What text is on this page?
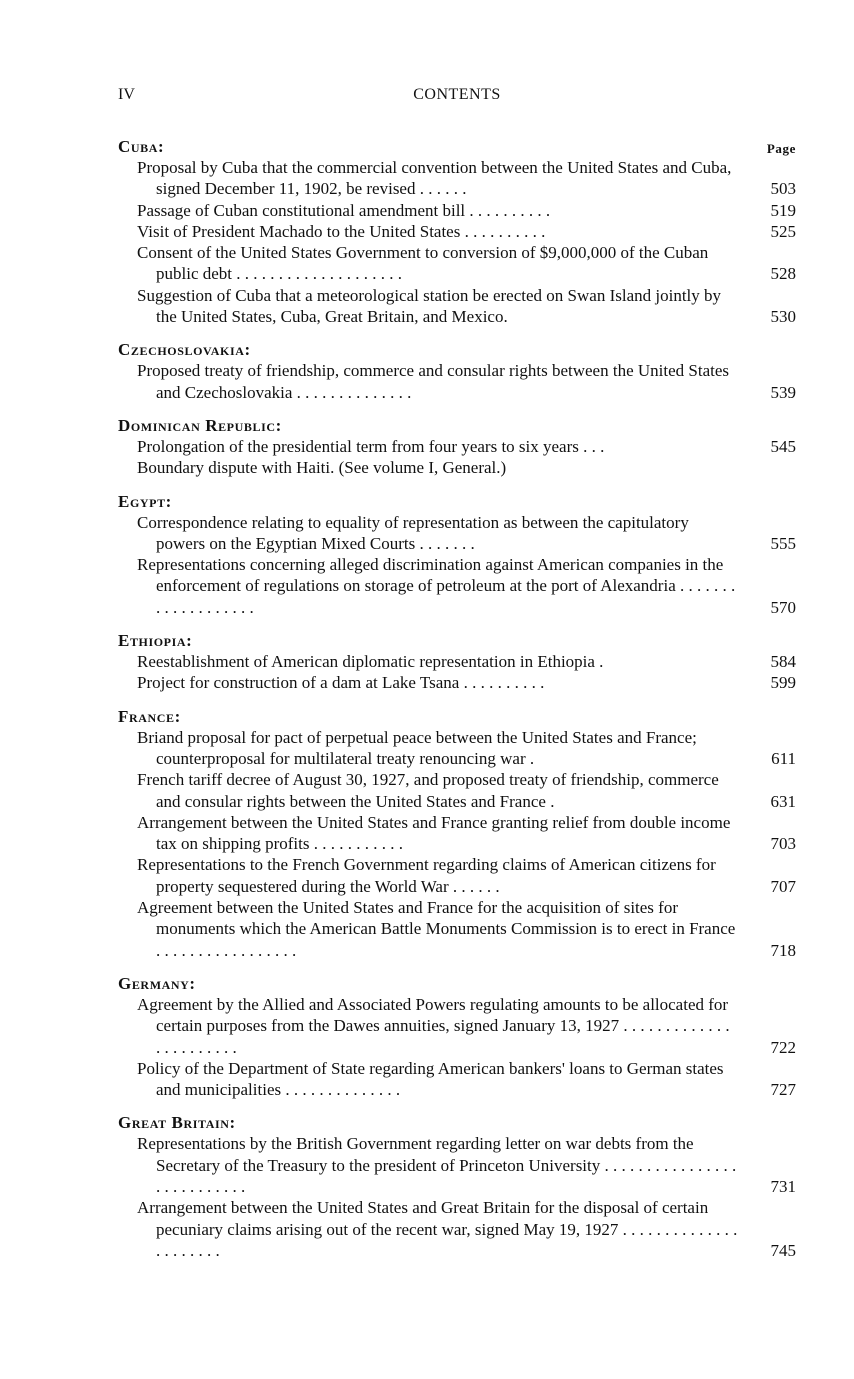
IV	CONTENTS
Cuba:	Page
Proposal by Cuba that the commercial convention between the United States and Cuba, signed December 11, 1902, be revised . . . . . .	503
Passage of Cuban constitutional amendment bill . . . . . . . . . .	519
Visit of President Machado to the United States . . . . . . . . . .	525
Consent of the United States Government to conversion of $9,000,000 of the Cuban public debt . . . . . . . . . . . . . . . . . . . .	528
Suggestion of Cuba that a meteorological station be erected on Swan Island jointly by the United States, Cuba, Great Britain, and Mexico.	530
Czechoslovakia:
Proposed treaty of friendship, commerce and consular rights between the United States and Czechoslovakia . . . . . . . . . . . . . .	539
Dominican Republic:
Prolongation of the presidential term from four years to six years . . .	545
Boundary dispute with Haiti. (See volume I, General.)
Egypt:
Correspondence relating to equality of representation as between the capitulatory powers on the Egyptian Mixed Courts . . . . . . .	555
Representations concerning alleged discrimination against American companies in the enforcement of regulations on storage of petroleum at the port of Alexandria . . . . . . . . . . . . . . . . . . .	570
Ethiopia:
Reestablishment of American diplomatic representation in Ethiopia .	584
Project for construction of a dam at Lake Tsana . . . . . . . . . .	599
France:
Briand proposal for pact of perpetual peace between the United States and France; counterproposal for multilateral treaty renouncing war .	611
French tariff decree of August 30, 1927, and proposed treaty of friendship, commerce and consular rights between the United States and France .	631
Arrangement between the United States and France granting relief from double income tax on shipping profits . . . . . . . . . . .	703
Representations to the French Government regarding claims of American citizens for property sequestered during the World War . . . . . .	707
Agreement between the United States and France for the acquisition of sites for monuments which the American Battle Monuments Commission is to erect in France . . . . . . . . . . . . . . . . .	718
Germany:
Agreement by the Allied and Associated Powers regulating amounts to be allocated for certain purposes from the Dawes annuities, signed January 13, 1927 . . . . . . . . . . . . . . . . . . . . . . .	722
Policy of the Department of State regarding American bankers' loans to German states and municipalities . . . . . . . . . . . . . .	727
Great Britain:
Representations by the British Government regarding letter on war debts from the Secretary of the Treasury to the president of Princeton University . . . . . . . . . . . . . . . . . . . . . . . . . . .	731
Arrangement between the United States and Great Britain for the disposal of certain pecuniary claims arising out of the recent war, signed May 19, 1927 . . . . . . . . . . . . . . . . . . . . . .	745
